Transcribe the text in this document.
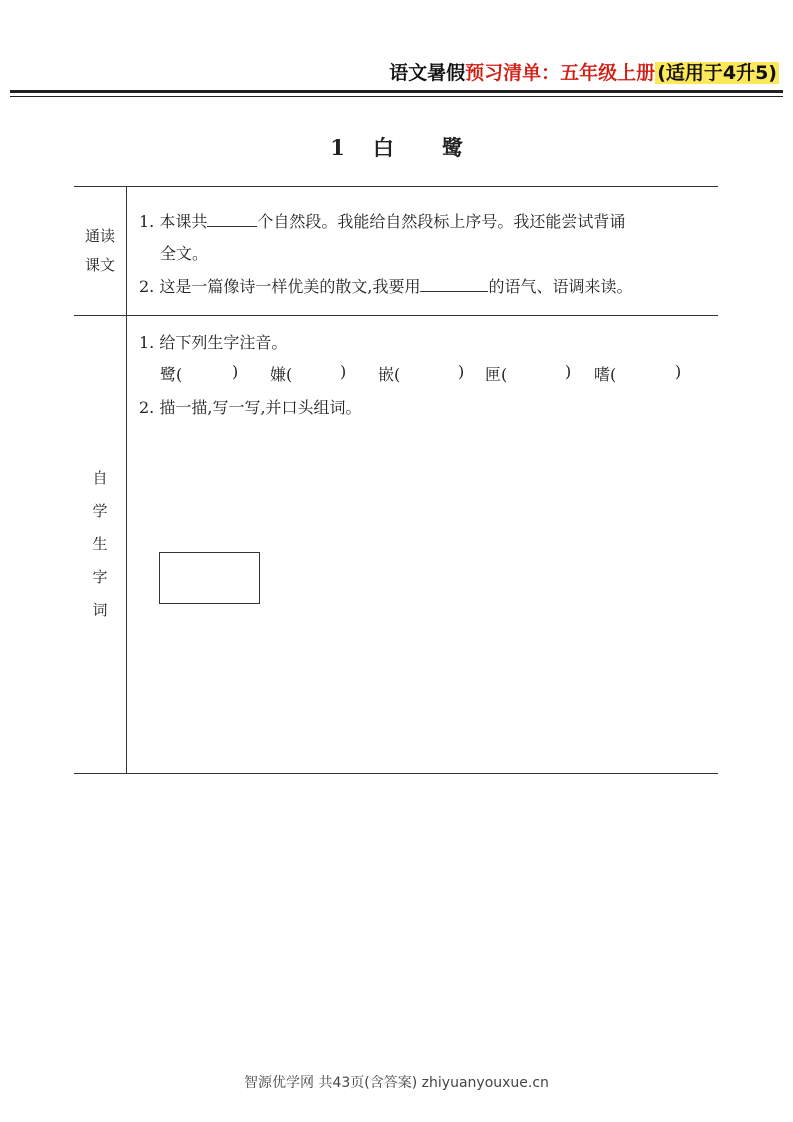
语文暑假预习清单：五年级上册 (适用于4升5)
1 白 鹭
通读课文
1. 本课共	个自然段。我能给自然段标上序号。我还能尝试背诵
全文。
2. 这是一篇像诗一样优美的散文,我要用	的语气、语调来读。
自学生字词
1. 给下列生字注音。
鹭(	) 嫌(	) 嵌(	) 匣(	) 嗜(	)
2. 描一描,写一写,并口头组词。
智源优学网 共43页(含答案) zhiyuanyouxue.cn
